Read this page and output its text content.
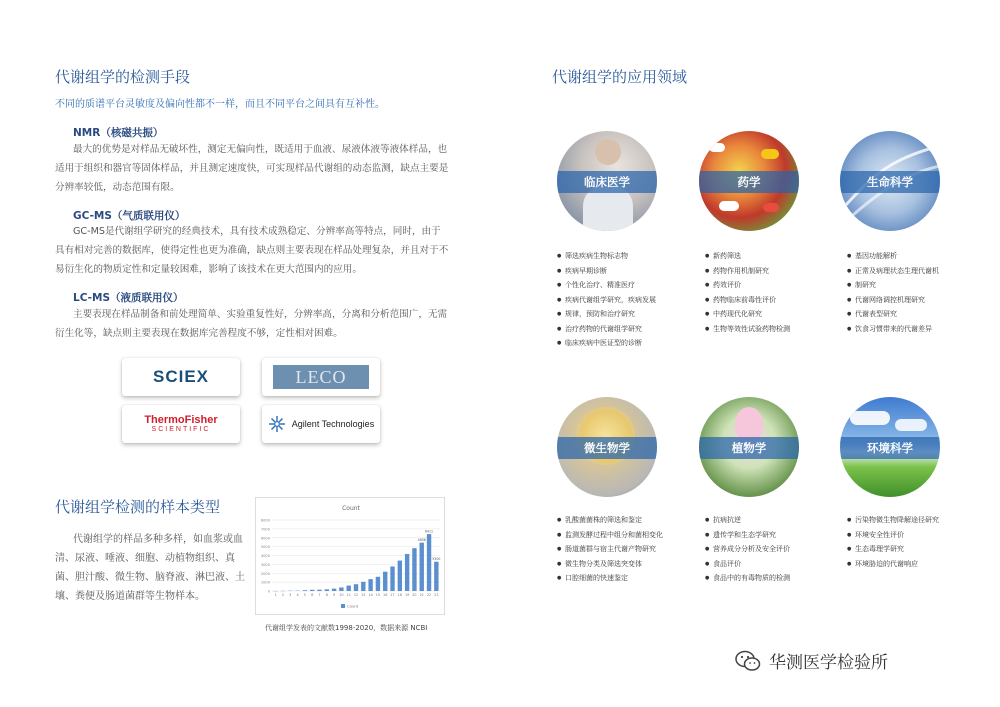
代谢组学的检测手段
不同的质谱平台灵敏度及偏向性都不一样，而且不同平台之间具有互补性。
NMR（核磁共振）
最大的优势是对样品无破坏性，测定无偏向性，既适用于血液、尿液体液等液体样品，也适用于组织和器官等固体样品，并且测定速度快，可实现样品代谢组的动态监测，缺点主要是分辨率较低，动态范围有限。
GC-MS（气质联用仪）
GC-MS是代谢组学研究的经典技术，具有技术成熟稳定、分辨率高等特点，同时，由于具有相对完善的数据库，使得定性也更为准确，缺点则主要表现在样品处理复杂，并且对于不易衍生化的物质定性和定量较困难，影响了该技术在更大范围内的应用。
LC-MS（液质联用仪）
主要表现在样品制备和前处理简单、实验重复性好，分辨率高，分离和分析范围广，无需衍生化等，缺点则主要表现在数据库完善程度不够，定性相对困难。
SCIEX	LECO
ThermoFisher
SCIENTIFIC
Agilent Technologies
代谢组学检测的样本类型
代谢组学的样品多种多样，如血浆或血清、尿液、唾液、细胞、动植物组织、真菌、胆汁酸、微生物、脑脊液、淋巴液、土壤、粪便及肠道菌群等生物样本。
Count
0
1000
2000
3000
4000
5000
6000
7000
8000
1 2 3 4 5 6 7 8 9 10 11 12 13 14 15 16 17 18 19 20 21
4856
22
6411
23
3300
Count
代谢组学发表的文献数1998-2020，数据来源 NCBI
代谢组学的应用领域
临床医学	药学	生命科学
● 筛选疾病生物标志物
● 疾病早期诊断
● 个性化治疗、精准医疗
● 疾病代谢组学研究，疾病发展
● 规律，预防和治疗研究
● 治疗药物的代谢组学研究
● 临床疾病中医证型的诊断
● 新药筛选
● 药物作用机制研究
● 药效评价
● 药物临床前毒性评价
● 中药现代化研究
● 生物等效性试验药物检测
● 基因功能解析
● 正常及病理状态生理代谢机
● 制研究
● 代谢网络调控机理研究
● 代谢表型研究
● 饮食习惯带来的代谢差异
微生物学	植物学	环境科学
● 乳酸菌菌株的筛选和鉴定
● 监测发酵过程中组分和菌相变化
● 肠道菌群与宿主代谢产物研究
● 微生物分类及筛选突变体
● 口腔细菌的快速鉴定
● 抗病抗逆
● 遗传学和生态学研究
● 营养成分分析及安全评价
● 食品评价
● 食品中的有毒物质的检测
● 污染物微生物降解途径研究
● 环境安全性评价
● 生态毒理学研究
● 环境胁迫的代谢响应
华测医学检验所
